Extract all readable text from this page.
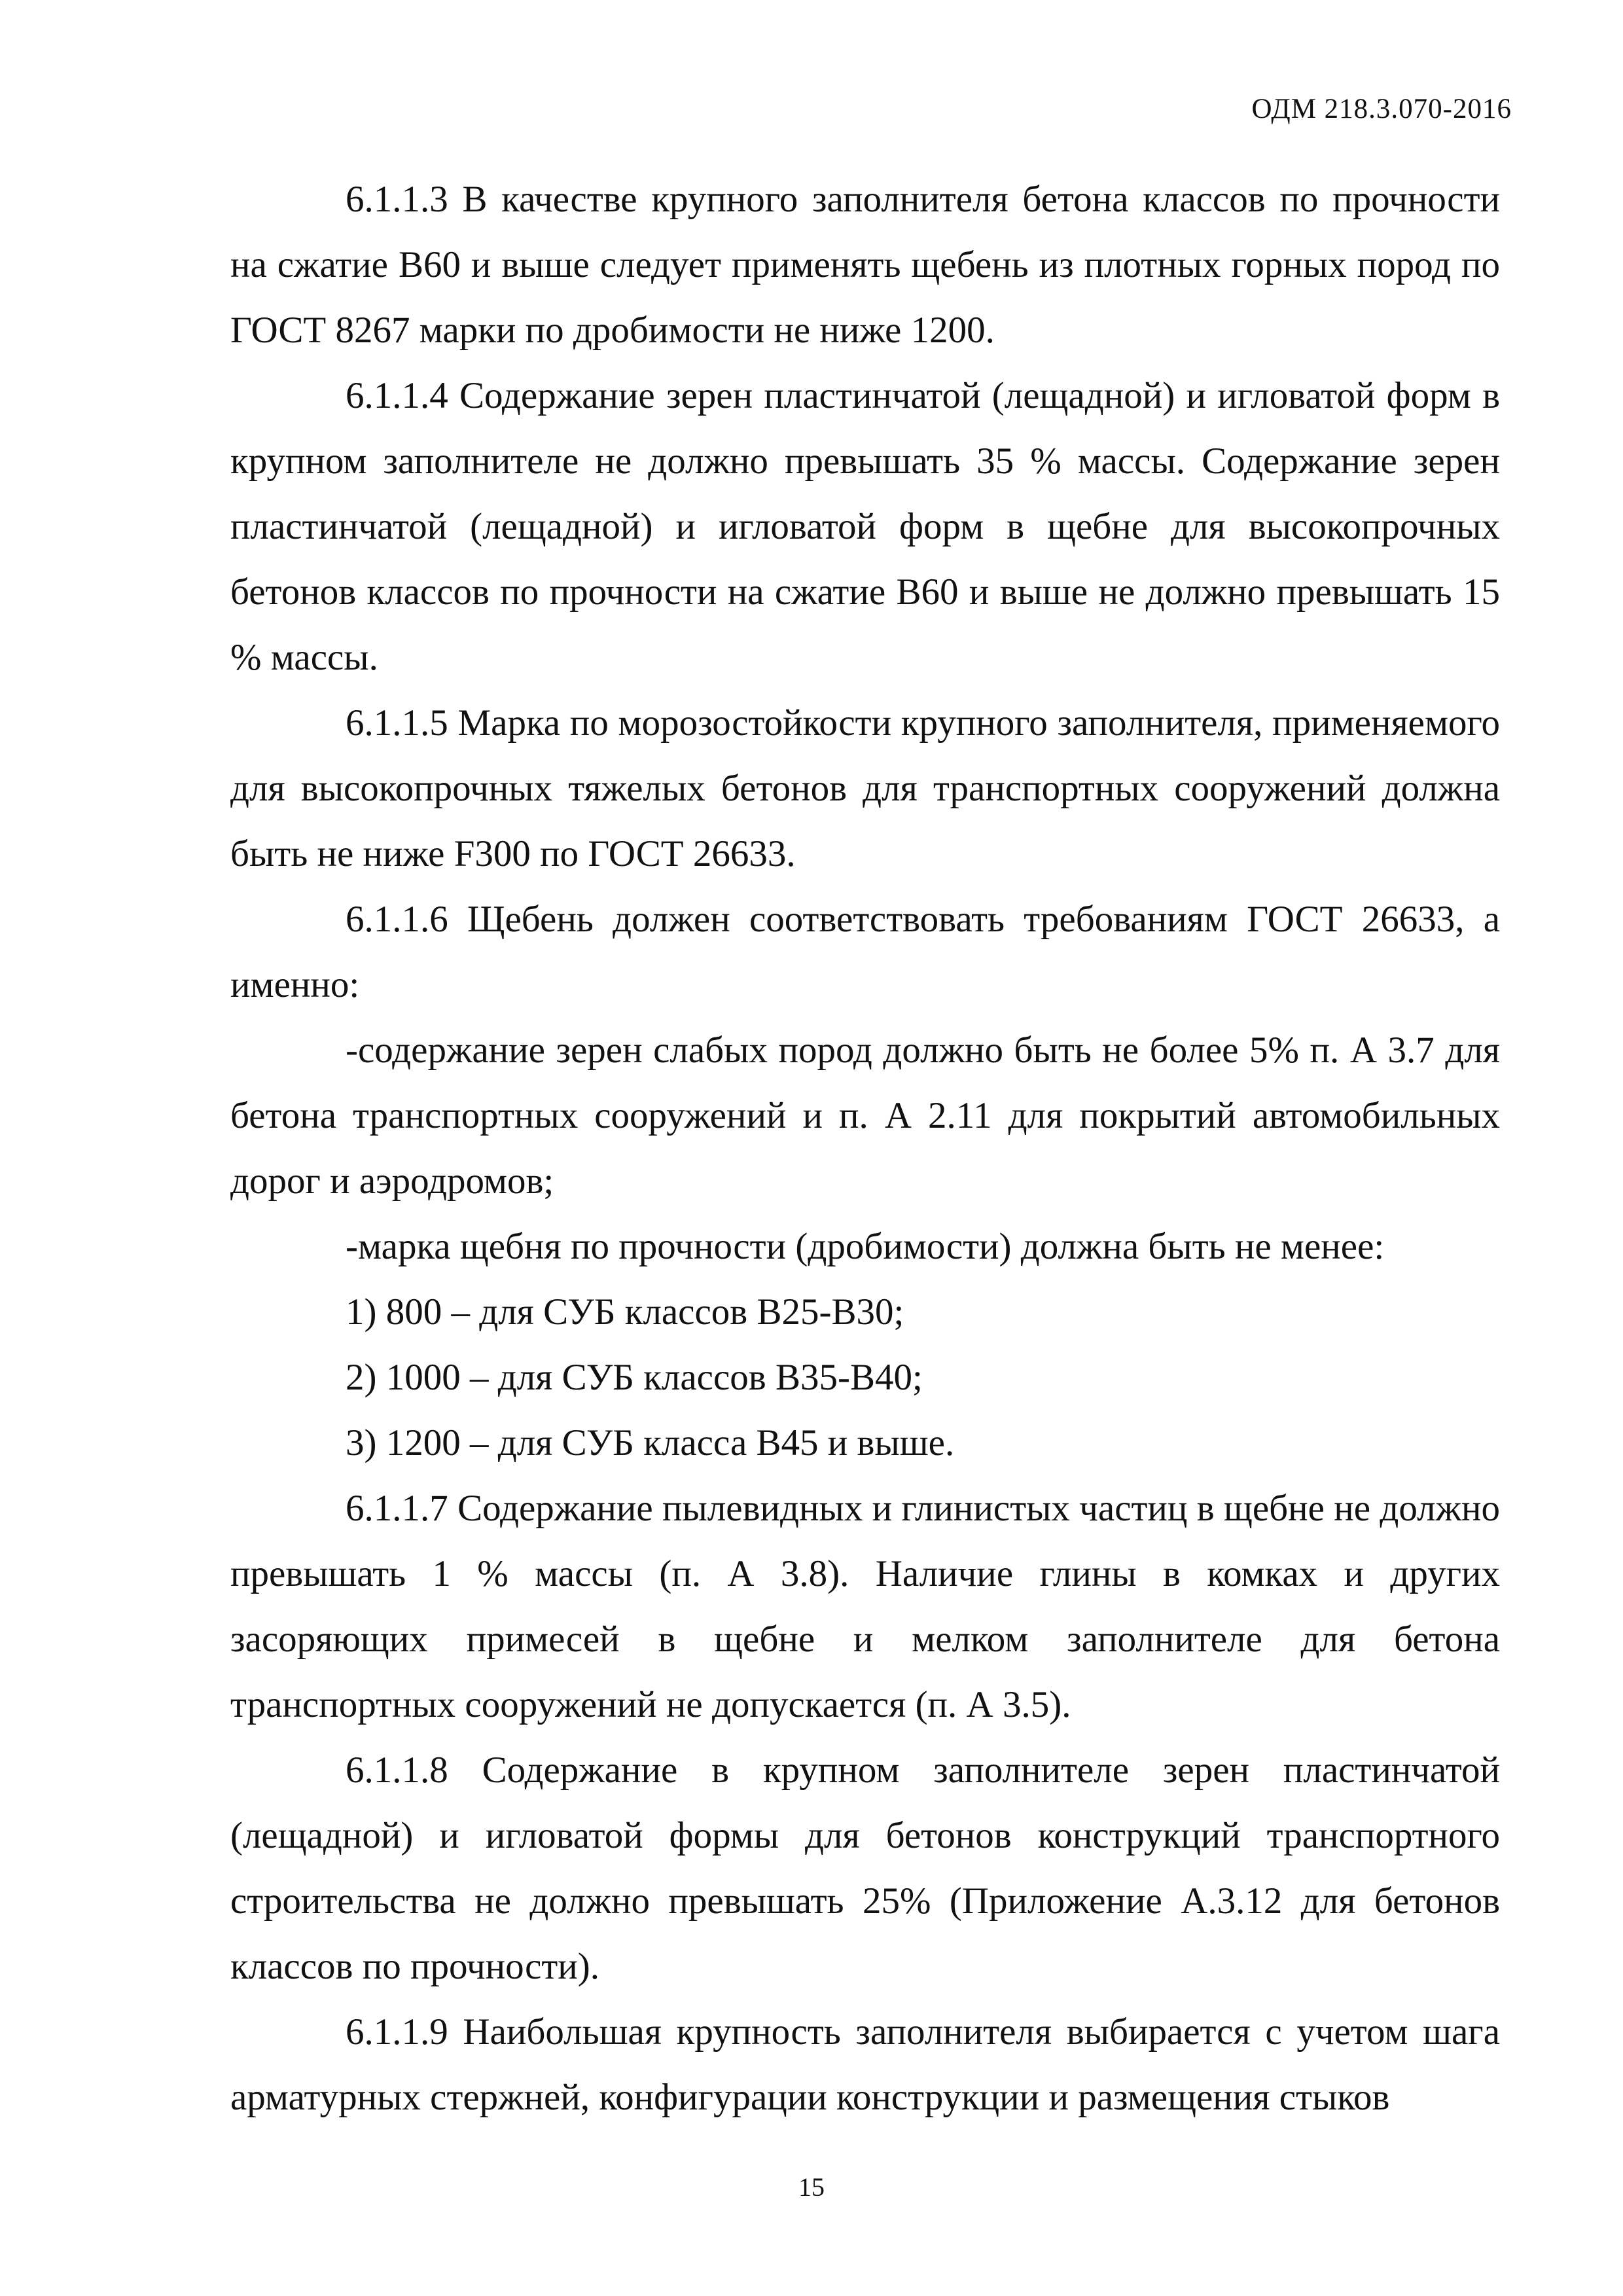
ОДМ 218.3.070-2016

6.1.1.3 В качестве крупного заполнителя бетона классов по прочности на сжатие В60 и выше следует применять щебень из плотных горных пород по ГОСТ 8267 марки по дробимости не ниже 1200.

6.1.1.4 Содержание зерен пластинчатой (лещадной) и игловатой форм в крупном заполнителе не должно превышать 35 % массы. Содержание зерен пластинчатой (лещадной) и игловатой форм в щебне для высокопрочных бетонов классов по прочности на сжатие В60 и выше не должно превышать 15 % массы.

6.1.1.5 Марка по морозостойкости крупного заполнителя, применяемого для высокопрочных тяжелых бетонов для транспортных сооружений должна быть не ниже F300 по ГОСТ 26633.

6.1.1.6 Щебень должен соответствовать требованиям ГОСТ 26633, а именно:

-содержание зерен слабых пород должно быть не более 5% п. А 3.7 для бетона транспортных сооружений и п. А 2.11 для покрытий автомобильных дорог и аэродромов;

-марка щебня по прочности (дробимости) должна быть не менее:

1) 800 – для СУБ классов В25-В30;

2) 1000 – для СУБ классов В35-В40;

3) 1200 – для СУБ класса В45 и выше.

6.1.1.7 Содержание пылевидных и глинистых частиц в щебне не должно превышать 1 % массы (п. А 3.8). Наличие глины в комках и других засоряющих примесей в щебне и мелком заполнителе для бетона транспортных сооружений не допускается (п. А 3.5).

6.1.1.8 Содержание в крупном заполнителе зерен пластинчатой (лещадной) и игловатой формы для бетонов конструкций транспортного строительства не должно превышать 25% (Приложение А.3.12 для бетонов классов по прочности).

6.1.1.9 Наибольшая крупность заполнителя выбирается с учетом шага арматурных стержней, конфигурации конструкции и размещения стыков

15
